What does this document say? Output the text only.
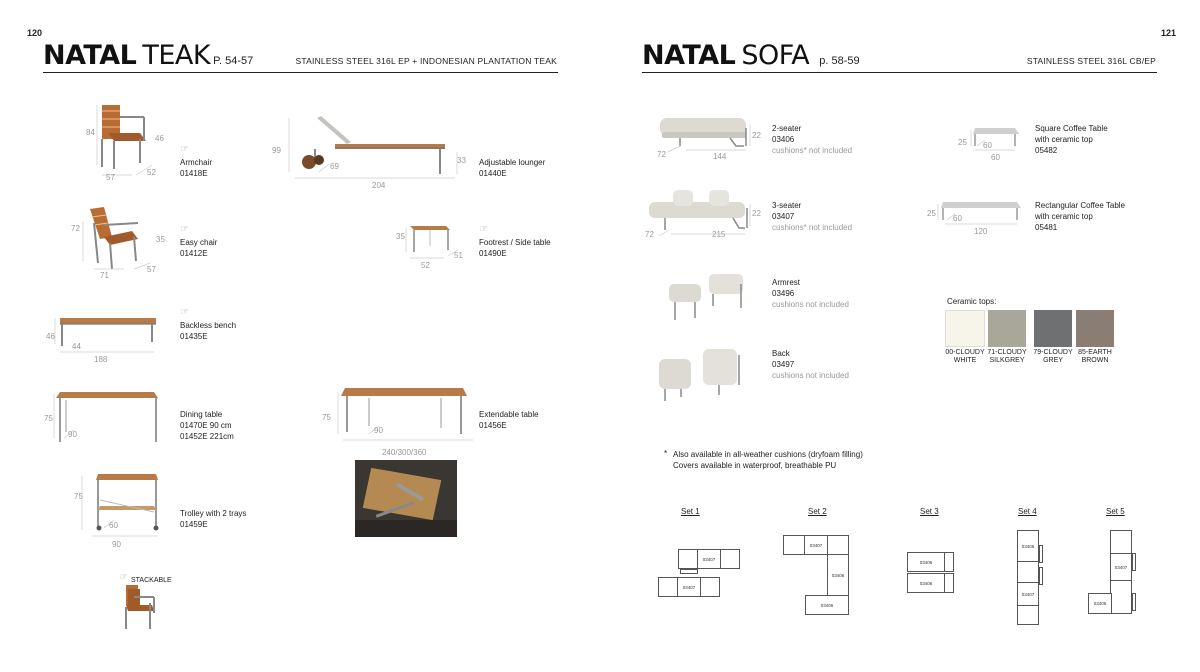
120
NATAL TEAK P. 54-57	STAINLESS STEEL 316L EP + INDONESIAN PLANTATION TEAK
84
46
57
52
☞
Armchair
01418E
99
33
69
204
Adjustable lounger
01440E
72
35
71
57
☞
Easy chair
01412E
35
52
51
☞
Footrest / Side table
01490E
46
44
188
☞
Backless bench
01435E
75
90
Dining table
01470E 90 cm
01452E 221cm
75
90
240/300/360
Extendable table
01456E
75
60
90
Trolley with 2 trays
01459E
☞ STACKABLE
121
NATAL SOFA p. 58-59	STAINLESS STEEL 316L CB/EP
22
72	144
2-seater
03406
cushions* not included
22
72	215
3-seater
03407
cushions* not included
Armrest
03496
cushions not included
Back
03497
cushions not included
25 60
60
Square Coffee Table
with ceramic top
05482
25
60
120
Rectangular Coffee Table
with ceramic top
05481
Ceramic tops:
00-CLOUDY
WHITE
71-CLOUDY
SILKGREY
79-CLOUDY
GREY
85-EARTH
BROWN
* Also available in all-weather cushions (dryfoam filling)
Covers available in waterproof, breathable PU
Set 1	Set 2	Set 3	Set 4	Set 5
03407
03407
03407
03406
03406
03406
03406
03406
03407
03407
03406
